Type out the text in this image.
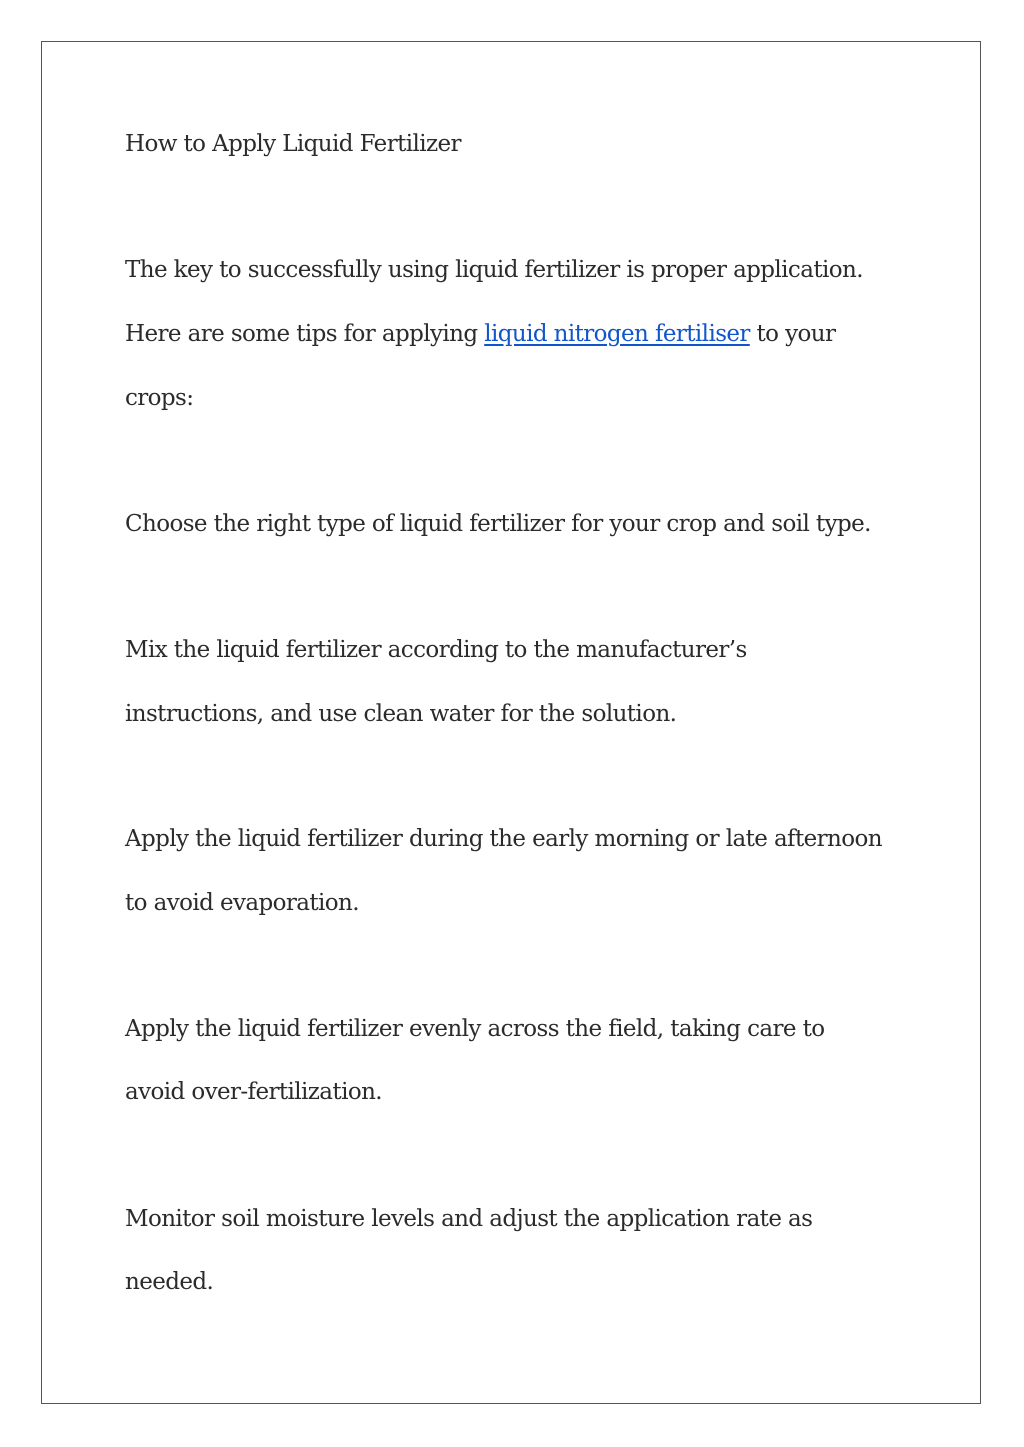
How to Apply Liquid Fertilizer

The key to successfully using liquid fertilizer is proper application.

Here are some tips for applying liquid nitrogen fertiliser to your

crops:

Choose the right type of liquid fertilizer for your crop and soil type.

Mix the liquid fertilizer according to the manufacturer’s

instructions, and use clean water for the solution.

Apply the liquid fertilizer during the early morning or late afternoon

to avoid evaporation.

Apply the liquid fertilizer evenly across the field, taking care to

avoid over-fertilization.

Monitor soil moisture levels and adjust the application rate as

needed.
